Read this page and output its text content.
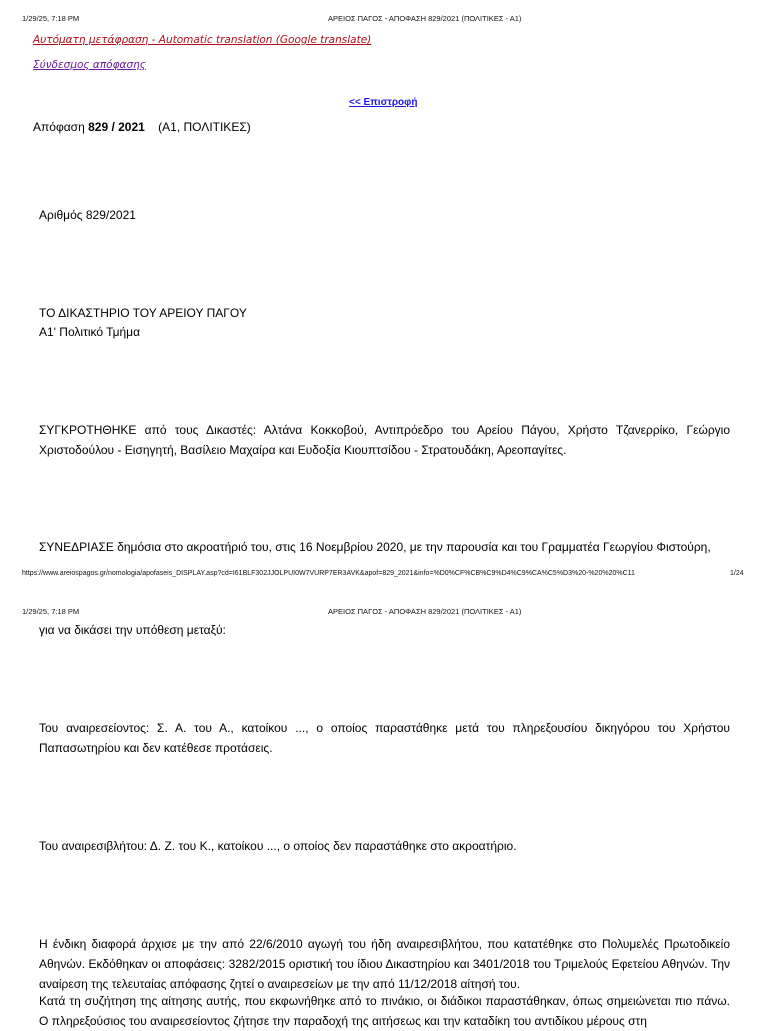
1/29/25, 7:18 PM	ΑΡΕΙΟΣ ΠΑΓΟΣ - ΑΠΟΦΑΣΗ 829/2021 (ΠΟΛΙΤΙΚΕΣ - Α1)
Αυτόματη μετάφραση - Automatic translation (Google translate)
Σύνδεσμος απόφασης
<< Επιστροφή
Απόφαση 829 / 2021 (Α1, ΠΟΛΙΤΙΚΕΣ)
Αριθμός 829/2021
ΤΟ ΔΙΚΑΣΤΗΡΙΟ ΤΟΥ ΑΡΕΙΟΥ ΠΑΓΟΥ
Α1' Πολιτικό Τμήμα
ΣΥΓΚΡΟΤΗΘΗΚΕ από τους Δικαστές: Αλτάνα Κοκκοβού, Αντιπρόεδρο του Αρείου Πάγου, Χρήστο Τζανερρίκο, Γεώργιο Χριστοδούλου - Εισηγητή, Βασίλειο Μαχαίρα και Ευδοξία Κιουπτσίδου - Στρατουδάκη, Αρεοπαγίτες.
ΣΥΝΕΔΡΙΑΣΕ δημόσια στο ακροατήριό του, στις 16 Νοεμβρίου 2020, με την παρουσία και του Γραμματέα Γεωργίου Φιστούρη,
https://www.areiospagos.gr/nomologia/apofaseis_DISPLAY.asp?cd=I61BLF302JJOLPUI0W7VURP7ER3AVK&apof=829_2021&info=%D0%CF%CB%C9%D4%C9%CA%C5%D3%20-%20%20%C11	1/24
1/29/25, 7:18 PM	ΑΡΕΙΟΣ ΠΑΓΟΣ - ΑΠΟΦΑΣΗ 829/2021 (ΠΟΛΙΤΙΚΕΣ - Α1)
για να δικάσει την υπόθεση μεταξύ:
Του αναιρεσείοντος: Σ. Α. του Α., κατοίκου ..., ο οποίος παραστάθηκε μετά του πληρεξουσίου δικηγόρου του Χρήστου Παπασωτηρίου και δεν κατέθεσε προτάσεις.
Του αναιρεσιβλήτου: Δ. Ζ. του Κ., κατοίκου ..., ο οποίος δεν παραστάθηκε στο ακροατήριο.
Η ένδικη διαφορά άρχισε με την από 22/6/2010 αγωγή του ήδη αναιρεσιβλήτου, που κατατέθηκε στο Πολυμελές Πρωτοδικείο Αθηνών. Εκδόθηκαν οι αποφάσεις: 3282/2015 οριστική του ίδιου Δικαστηρίου και 3401/2018 του Τριμελούς Εφετείου Αθηνών. Την αναίρεση της τελευταίας απόφασης ζητεί ο αναιρεσείων με την από 11/12/2018 αίτησή του.
Κατά τη συζήτηση της αίτησης αυτής, που εκφωνήθηκε από το πινάκιο, οι διάδικοι παραστάθηκαν, όπως σημειώνεται πιο πάνω. Ο πληρεξούσιος του αναιρεσείοντος ζήτησε την παραδοχή της αιτήσεως και την καταδίκη του αντιδίκου μέρους στη
